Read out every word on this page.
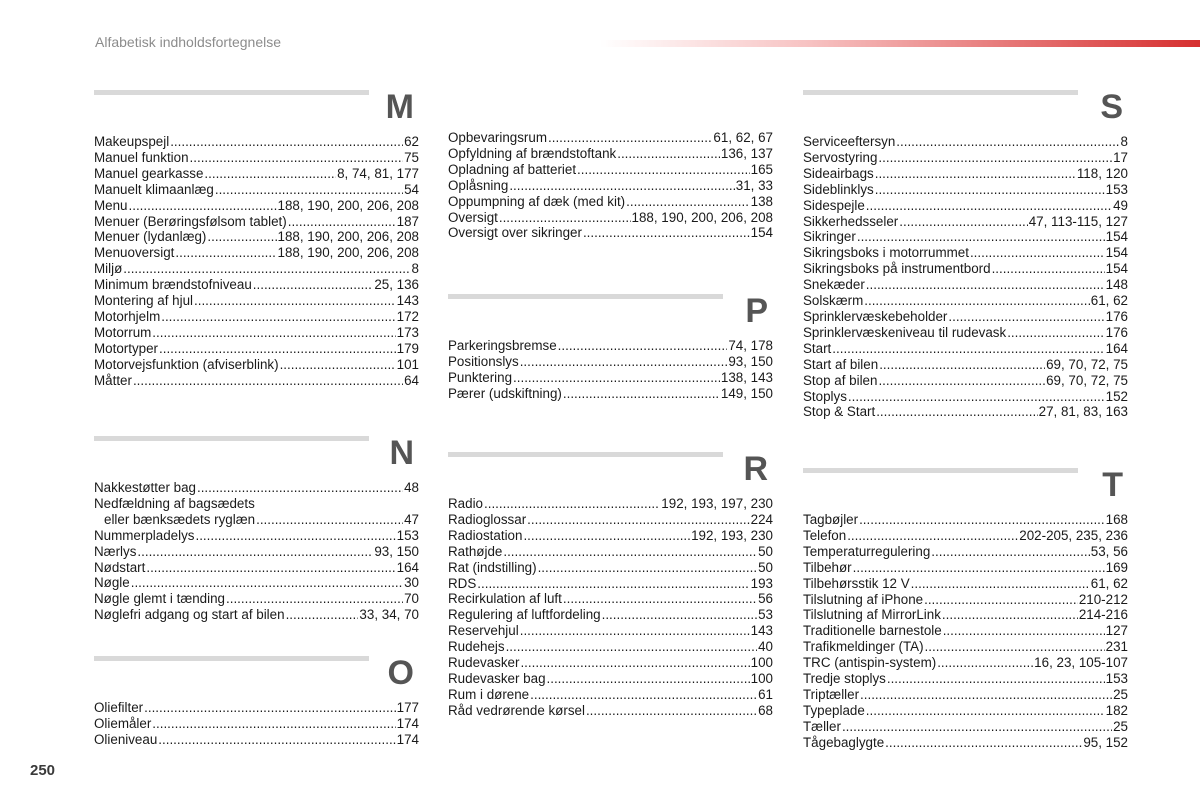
Alfabetisk indholdsfortegnelse
M
Makeupspejl .....	62
Manuel funktion .....	75
Manuel gearkasse .....	8, 74, 81, 177
Manuelt klimaanlæg .....	54
Menu .....	188, 190, 200, 206, 208
Menuer (Berøringsfølsom tablet) .....	187
Menuer (lydanlæg) .....	188, 190, 200, 206, 208
Menuoversigt .....	188, 190, 200, 206, 208
Miljø .....	8
Minimum brændstofniveau .....	25, 136
Montering af hjul .....	143
Motorhjelm .....	172
Motorrum .....	173
Motortyper .....	179
Motorvejsfunktion (afviserblink) .....	101
Måtter .....	64
N
Nakkestøtter bag .....	48
Nedfældning af bagsædets
eller bænksædets ryglæn .....	47
Nummerpladelys .....	153
Nærlys .....	93, 150
Nødstart .....	164
Nøgle .....	30
Nøgle glemt i tænding .....	70
Nøglefri adgang og start af bilen .....	33, 34, 70
O
Oliefilter .....	177
Oliemåler .....	174
Olieniveau .....	174
Opbevaringsrum .....	61, 62, 67
Opfyldning af brændstoftank .....	136, 137
Opladning af batteriet .....	165
Oplåsning .....	31, 33
Oppumpning af dæk (med kit) .....	138
Oversigt .....	188, 190, 200, 206, 208
Oversigt over sikringer .....	154
P
Parkeringsbremse .....	74, 178
Positionslys .....	93, 150
Punktering .....	138, 143
Pærer (udskiftning) .....	149, 150
R
Radio .....	192, 193, 197, 230
Radioglossar .....	224
Radiostation .....	192, 193, 230
Rathøjde .....	50
Rat (indstilling) .....	50
RDS .....	193
Recirkulation af luft .....	56
Regulering af luftfordeling .....	53
Reservehjul .....	143
Rudehejs .....	40
Rudevasker .....	100
Rudevasker bag .....	100
Rum i dørene .....	61
Råd vedrørende kørsel .....	68
S
Serviceeftersyn .....	8
Servostyring .....	17
Sideairbags .....	118, 120
Sideblinklys .....	153
Sidespejle .....	49
Sikkerhedsseler .....	47, 113-115, 127
Sikringer .....	154
Sikringsboks i motorrummet .....	154
Sikringsboks på instrumentbord .....	154
Snekæder .....	148
Solskærm .....	61, 62
Sprinklervæskebeholder .....	176
Sprinklervæskeniveau til rudevask .....	176
Start .....	164
Start af bilen .....	69, 70, 72, 75
Stop af bilen .....	69, 70, 72, 75
Stoplys .....	152
Stop & Start .....	27, 81, 83, 163
T
Tagbøjler .....	168
Telefon .....	202-205, 235, 236
Temperaturregulering .....	53, 56
Tilbehør .....	169
Tilbehørsstik 12 V .....	61, 62
Tilslutning af iPhone .....	210-212
Tilslutning af MirrorLink .....	214-216
Traditionelle barnestole .....	127
Trafikmeldinger (TA) .....	231
TRC (antispin-system) .....	16, 23, 105-107
Tredje stoplys .....	153
Triptæller .....	25
Typeplade .....	182
Tæller .....	25
Tågebaglygte .....	95, 152
250
